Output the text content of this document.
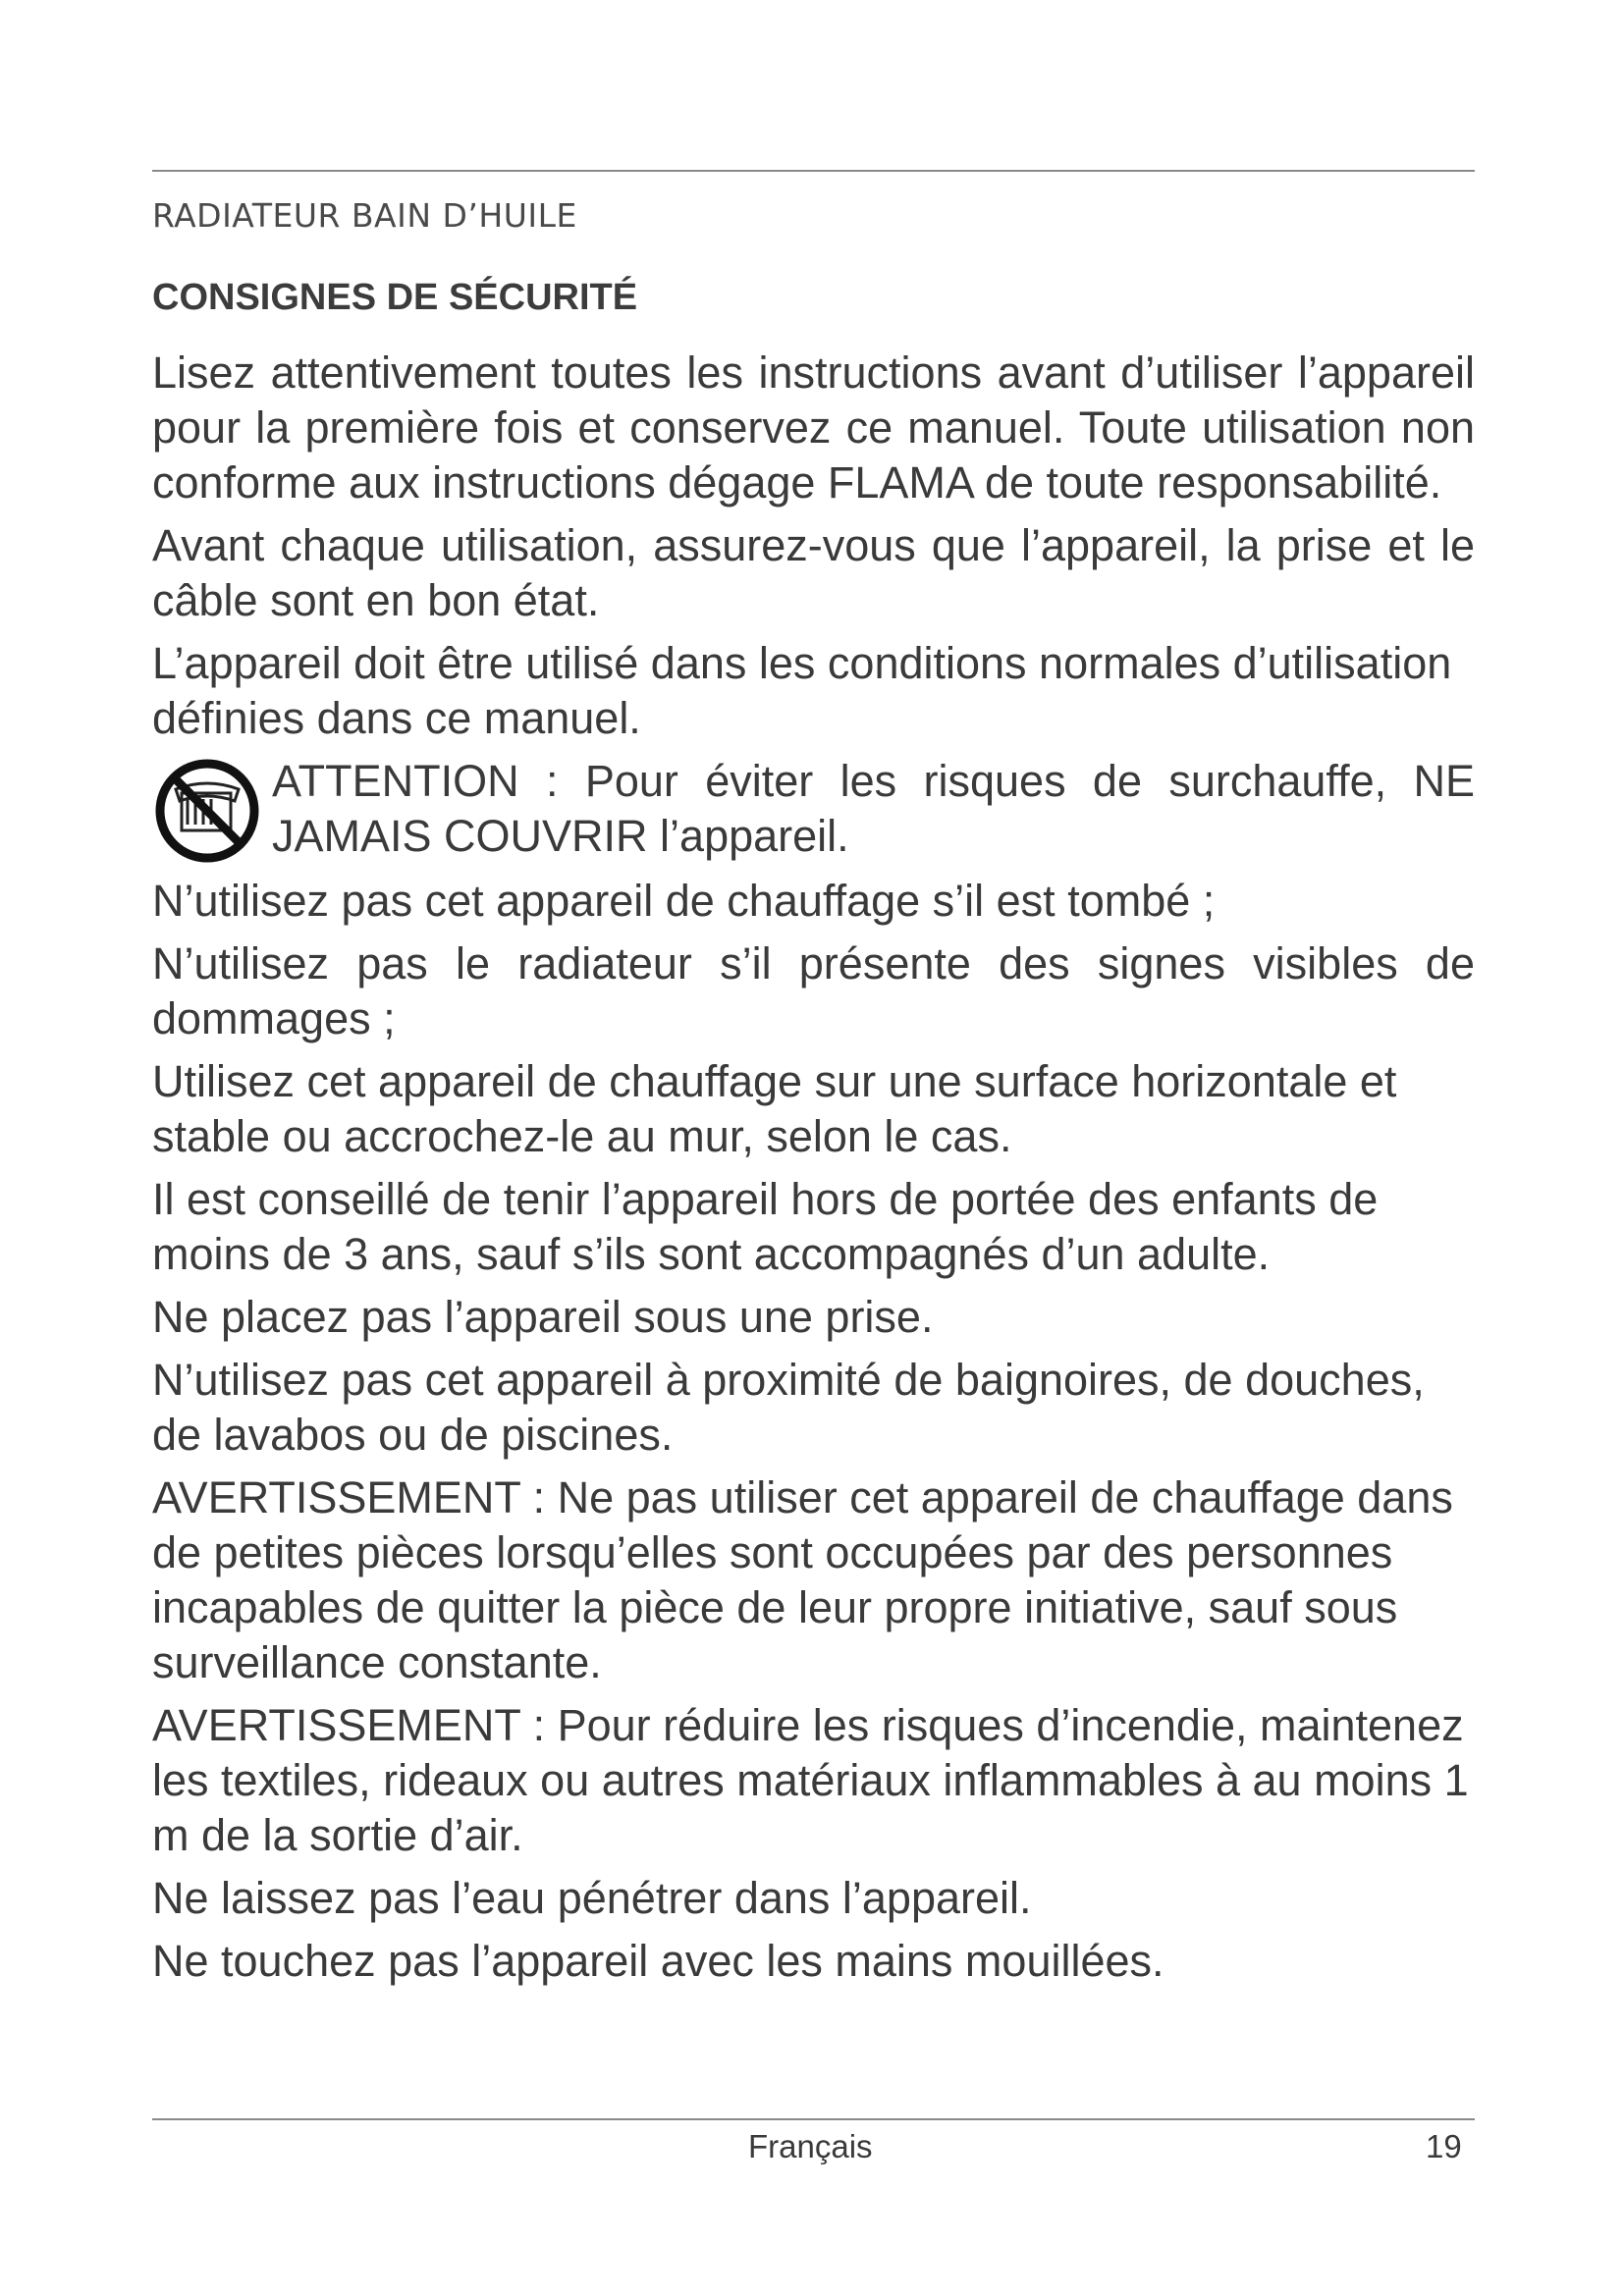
RADIATEUR BAIN D’HUILE
CONSIGNES DE SÉCURITÉ

Lisez attentivement toutes les instructions avant d’utiliser l’appareil pour la première fois et conservez ce manuel. Toute utilisation non conforme aux instructions dégage FLAMA de toute responsabilité.

Avant chaque utilisation, assurez-vous que l’appareil, la prise et le câble sont en bon état.

L’appareil doit être utilisé dans les conditions normales d’utilisation définies dans ce manuel.

ATTENTION : Pour éviter les risques de surchauffe, NE JAMAIS COUVRIR l’appareil.

N’utilisez pas cet appareil de chauffage s’il est tombé ;

N’utilisez pas le radiateur s’il présente des signes visibles de dommages ;

Utilisez cet appareil de chauffage sur une surface horizontale et stable ou accrochez-le au mur, selon le cas.

Il est conseillé de tenir l’appareil hors de portée des enfants de moins de 3 ans, sauf s’ils sont accompagnés d’un adulte.

Ne placez pas l’appareil sous une prise.

N’utilisez pas cet appareil à proximité de baignoires, de douches, de lavabos ou de piscines.

AVERTISSEMENT : Ne pas utiliser cet appareil de chauffage dans de petites pièces lorsqu’elles sont occupées par des personnes incapables de quitter la pièce de leur propre initiative, sauf sous surveillance constante.

AVERTISSEMENT : Pour réduire les risques d’incendie, maintenez les textiles, rideaux ou autres matériaux inflammables à au moins 1 m de la sortie d’air.

Ne laissez pas l’eau pénétrer dans l’appareil.

Ne touchez pas l’appareil avec les mains mouillées.

Français	19
